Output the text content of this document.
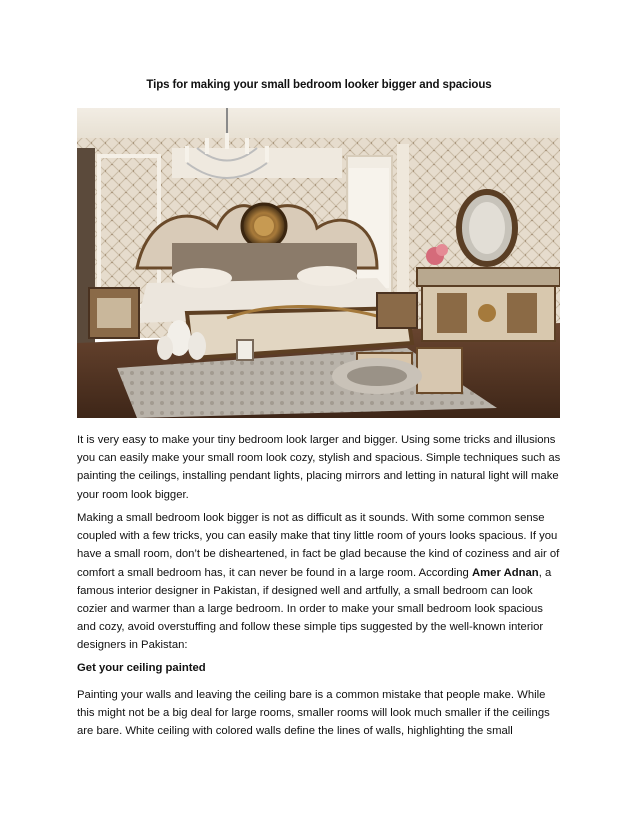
Tips for making your small bedroom looker bigger and spacious

It is very easy to make your tiny bedroom look larger and bigger. Using some tricks and illusions you can easily make your small room look cozy, stylish and spacious. Simple techniques such as painting the ceilings, installing pendant lights, placing mirrors and letting in natural light will make your room look bigger.

Making a small bedroom look bigger is not as difficult as it sounds. With some common sense coupled with a few tricks, you can easily make that tiny little room of yours looks spacious. If you have a small room, don’t be disheartened, in fact be glad because the kind of coziness and air of comfort a small bedroom has, it can never be found in a large room. According Amer Adnan, a famous interior designer in Pakistan, if designed well and artfully, a small bedroom can look cozier and warmer than a large bedroom. In order to make your small bedroom look spacious and cozy, avoid overstuffing and follow these simple tips suggested by the well-known interior designers in Pakistan:

Get your ceiling painted

Painting your walls and leaving the ceiling bare is a common mistake that people make. While this might not be a big deal for large rooms, smaller rooms will look much smaller if the ceilings are bare. White ceiling with colored walls define the lines of walls, highlighting the small
